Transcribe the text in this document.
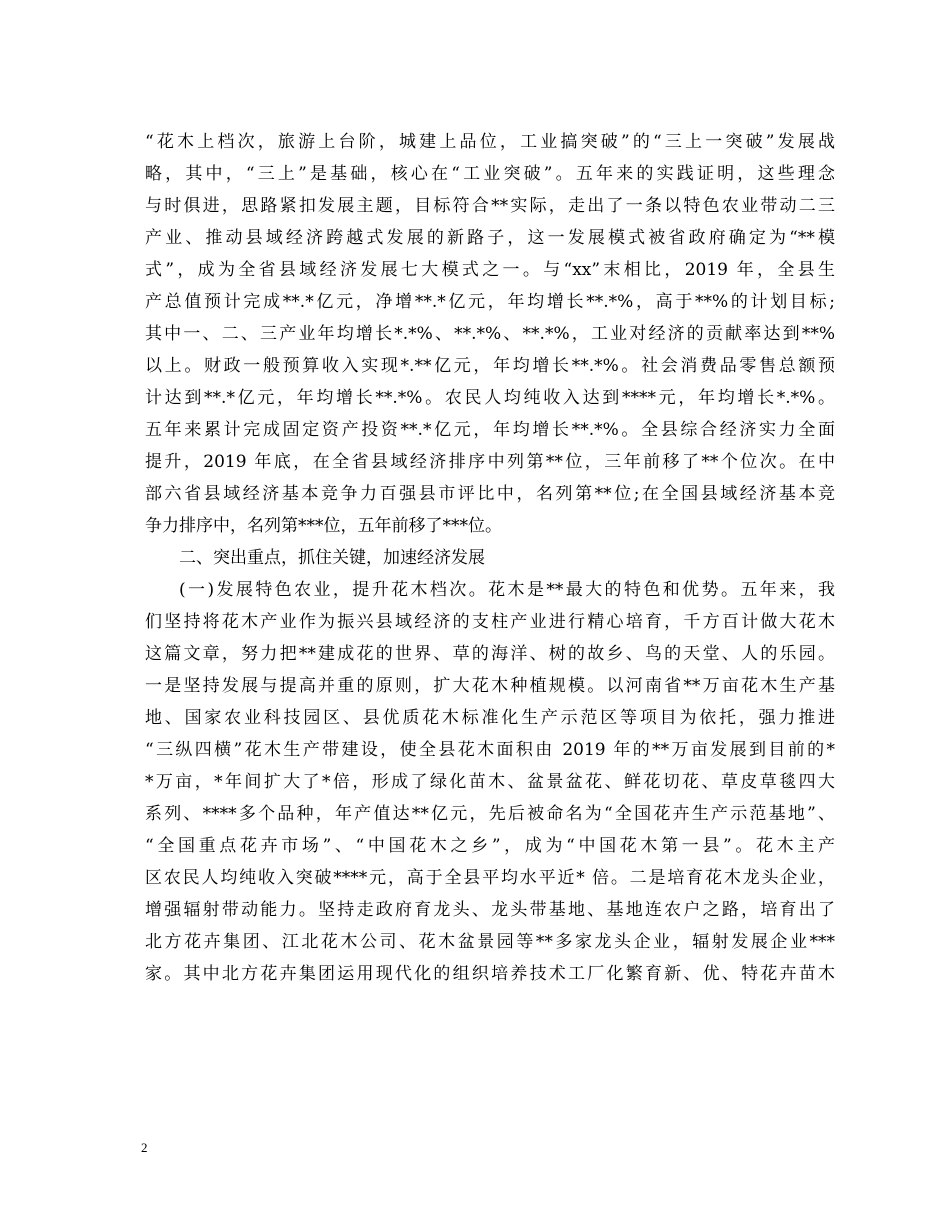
“花木上档次，旅游上台阶，城建上品位，工业搞突破”的“三上一突破”发展战
略，其中，“三上”是基础，核心在“工业突破”。五年来的实践证明，这些理念
与时俱进，思路紧扣发展主题，目标符合**实际，走出了一条以特色农业带动二三
产业、推动县域经济跨越式发展的新路子，这一发展模式被省政府确定为“**模
式”，成为全省县域经济发展七大模式之一。与“xx”末相比，2019 年，全县生
产总值预计完成**.*亿元，净增**.*亿元，年均增长**.*%，高于**%的计划目标;
其中一、二、三产业年均增长*.*%、**.*%、**.*%，工业对经济的贡献率达到**%
以上。财政一般预算收入实现*.**亿元，年均增长**.*%。社会消费品零售总额预
计达到**.*亿元，年均增长**.*%。农民人均纯收入达到****元，年均增长*.*%。
五年来累计完成固定资产投资**.*亿元，年均增长**.*%。全县综合经济实力全面
提升，2019 年底，在全省县域经济排序中列第**位，三年前移了**个位次。在中
部六省县域经济基本竞争力百强县市评比中，名列第**位;在全国县域经济基本竞
争力排序中，名列第***位，五年前移了***位。
二、突出重点，抓住关键，加速经济发展
(一)发展特色农业，提升花木档次。花木是**最大的特色和优势。五年来，我
们坚持将花木产业作为振兴县域经济的支柱产业进行精心培育，千方百计做大花木
这篇文章，努力把**建成花的世界、草的海洋、树的故乡、鸟的天堂、人的乐园。
一是坚持发展与提高并重的原则，扩大花木种植规模。以河南省**万亩花木生产基
地、国家农业科技园区、县优质花木标准化生产示范区等项目为依托，强力推进
“三纵四横”花木生产带建设，使全县花木面积由 2019 年的**万亩发展到目前的*
*万亩，*年间扩大了*倍，形成了绿化苗木、盆景盆花、鲜花切花、草皮草毯四大
系列、****多个品种，年产值达**亿元，先后被命名为“全国花卉生产示范基地”、
“全国重点花卉市场”、“中国花木之乡”，成为“中国花木第一县”。花木主产
区农民人均纯收入突破****元，高于全县平均水平近* 倍。二是培育花木龙头企业，
增强辐射带动能力。坚持走政府育龙头、龙头带基地、基地连农户之路，培育出了
北方花卉集团、江北花木公司、花木盆景园等**多家龙头企业，辐射发展企业***
家。其中北方花卉集团运用现代化的组织培养技术工厂化繁育新、优、特花卉苗木
2
